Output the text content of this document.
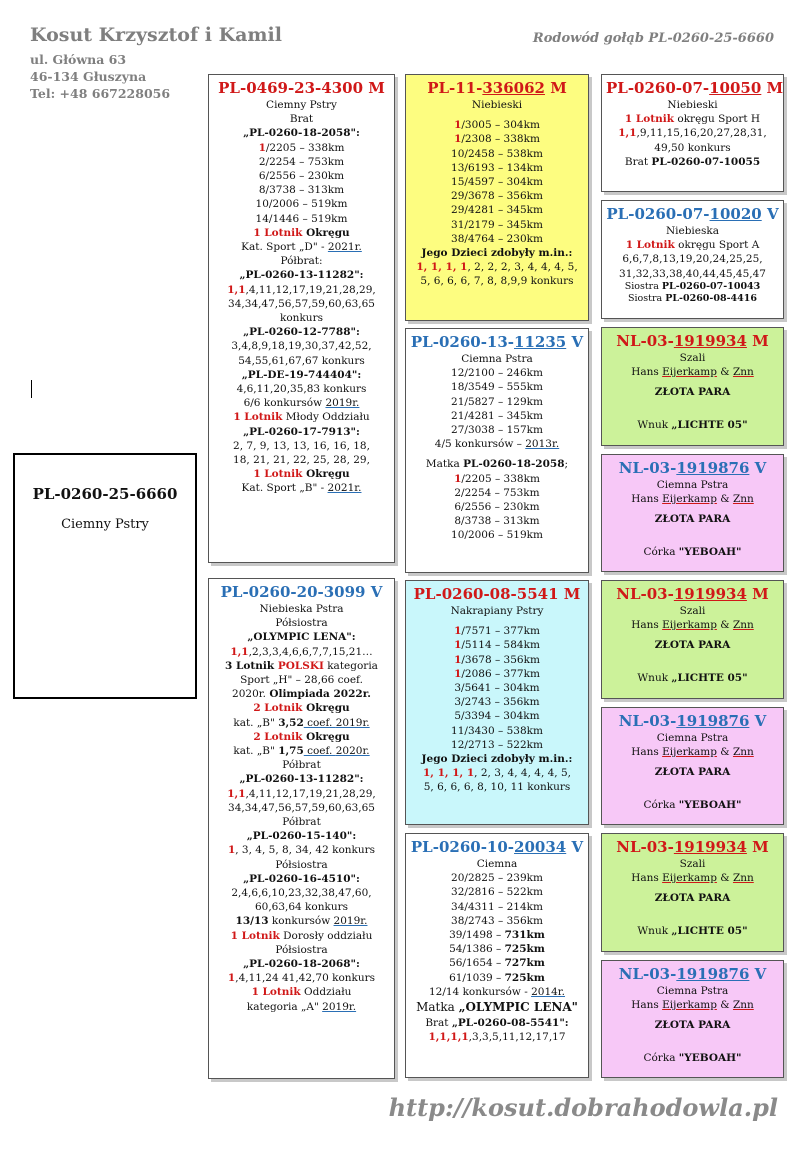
Kosut Krzysztof i Kamil
ul. Główna 63
46-134 Głuszyna
Tel: +48 667228056
Rodowód gołąb PL-0260-25-6660
PL-0260-25-6660
Ciemny Pstry
PL-0469-23-4300 M
Ciemny Pstry
Brat
„PL-0260-18-2058":
1/2205 – 338km
2/2254 – 753km
6/2556 – 230km
8/3738 – 313km
10/2006 – 519km
14/1446 – 519km
1 Lotnik Okręgu
Kat. Sport „D" - 2021r.
Półbrat:
„PL-0260-13-11282":
1,1,4,11,12,17,19,21,28,29,
34,34,47,56,57,59,60,63,65
konkurs
„PL-0260-12-7788":
3,4,8,9,18,19,30,37,42,52,
54,55,61,67,67 konkurs
„PL-DE-19-744404":
4,6,11,20,35,83 konkurs
6/6 konkursów 2019r.
1 Lotnik Młody Oddziału
„PL-0260-17-7913":
2, 7, 9, 13, 13, 16, 16, 18,
18, 21, 21, 22, 25, 28, 29,
1 Lotnik Okręgu
Kat. Sport „B" - 2021r.
PL-11-336062 M
Niebieski
1/3005 – 304km
1/2308 – 338km
10/2458 – 538km
13/6193 – 134km
15/4597 – 304km
29/3678 – 356km
29/4281 – 345km
31/2179 – 345km
38/4764 – 230km
Jego Dzieci zdobyły m.in.:
1, 1, 1, 1, 2, 2, 2, 3, 4, 4, 4, 5,
5, 6, 6, 6, 7, 8, 8,9,9 konkurs
PL-0260-07-10050 M
Niebieski
1 Lotnik okręgu Sport H
1,1,9,11,15,16,20,27,28,31,
49,50 konkurs
Brat PL-0260-07-10055
PL-0260-07-10020 V
Niebieska
1 Lotnik okręgu Sport A
6,6,7,8,13,19,20,24,25,25,
31,32,33,38,40,44,45,45,47
Siostra PL-0260-07-10043
Siostra PL-0260-08-4416
PL-0260-13-11235 V
Ciemna Pstra
12/2100 – 246km
18/3549 – 555km
21/5827 – 129km
21/4281 – 345km
27/3038 – 157km
4/5 konkursów – 2013r.
Matka PL-0260-18-2058;
1/2205 – 338km
2/2254 – 753km
6/2556 – 230km
8/3738 – 313km
10/2006 – 519km
NL-03-1919934 M
Szali
Hans Eijerkamp & Znn
ZŁOTA PARA
Wnuk „LICHTE 05"
NL-03-1919876 V
Ciemna Pstra
Hans Eijerkamp & Znn
ZŁOTA PARA
Córka "YEBOAH"
NL-03-1919934 M
Szali
Hans Eijerkamp & Znn
ZŁOTA PARA
Wnuk „LICHTE 05"
NL-03-1919876 V
Ciemna Pstra
Hans Eijerkamp & Znn
ZŁOTA PARA
Córka "YEBOAH"
NL-03-1919934 M
Szali
Hans Eijerkamp & Znn
ZŁOTA PARA
Wnuk „LICHTE 05"
NL-03-1919876 V
Ciemna Pstra
Hans Eijerkamp & Znn
ZŁOTA PARA
Córka "YEBOAH"
PL-0260-20-3099 V
Niebieska Pstra
Półsiostra
„OLYMPIC LENA":
1,1,2,3,3,4,6,6,7,7,15,21…
3 Lotnik POLSKI kategoria
Sport „H" – 28,66 coef.
2020r. Olimpiada 2022r.
2 Lotnik Okręgu
kat. „B" 3,52 coef. 2019r.
2 Lotnik Okręgu
kat. „B" 1,75 coef. 2020r.
Półbrat
„PL-0260-13-11282":
1,1,4,11,12,17,19,21,28,29,
34,34,47,56,57,59,60,63,65
Półbrat
„PL-0260-15-140":
1, 3, 4, 5, 8, 34, 42 konkurs
Półsiostra
„PL-0260-16-4510":
2,4,6,6,10,23,32,38,47,60,
60,63,64 konkurs
13/13 konkursów 2019r.
1 Lotnik Dorosły oddziału
Półsiostra
„PL-0260-18-2068":
1,4,11,24 41,42,70 konkurs
1 Lotnik Oddziału
kategoria „A" 2019r.
PL-0260-08-5541 M
Nakrapiany Pstry
1/7571 – 377km
1/5114 – 584km
1/3678 – 356km
1/2086 – 377km
3/5641 – 304km
3/2743 – 356km
5/3394 – 304km
11/3430 – 538km
12/2713 – 522km
Jego Dzieci zdobyły m.in.:
1, 1, 1, 1, 2, 3, 4, 4, 4, 4, 5,
5, 6, 6, 6, 8, 10, 11 konkurs
PL-0260-10-20034 V
Ciemna
20/2825 – 239km
32/2816 – 522km
34/4311 – 214km
38/2743 – 356km
39/1498 – 731km
54/1386 – 725km
56/1654 – 727km
61/1039 – 725km
12/14 konkursów - 2014r.
Matka „OLYMPIC LENA"
Brat „PL-0260-08-5541":
1,1,1,1,3,3,5,11,12,17,17
http://kosut.dobrahodowla.pl
